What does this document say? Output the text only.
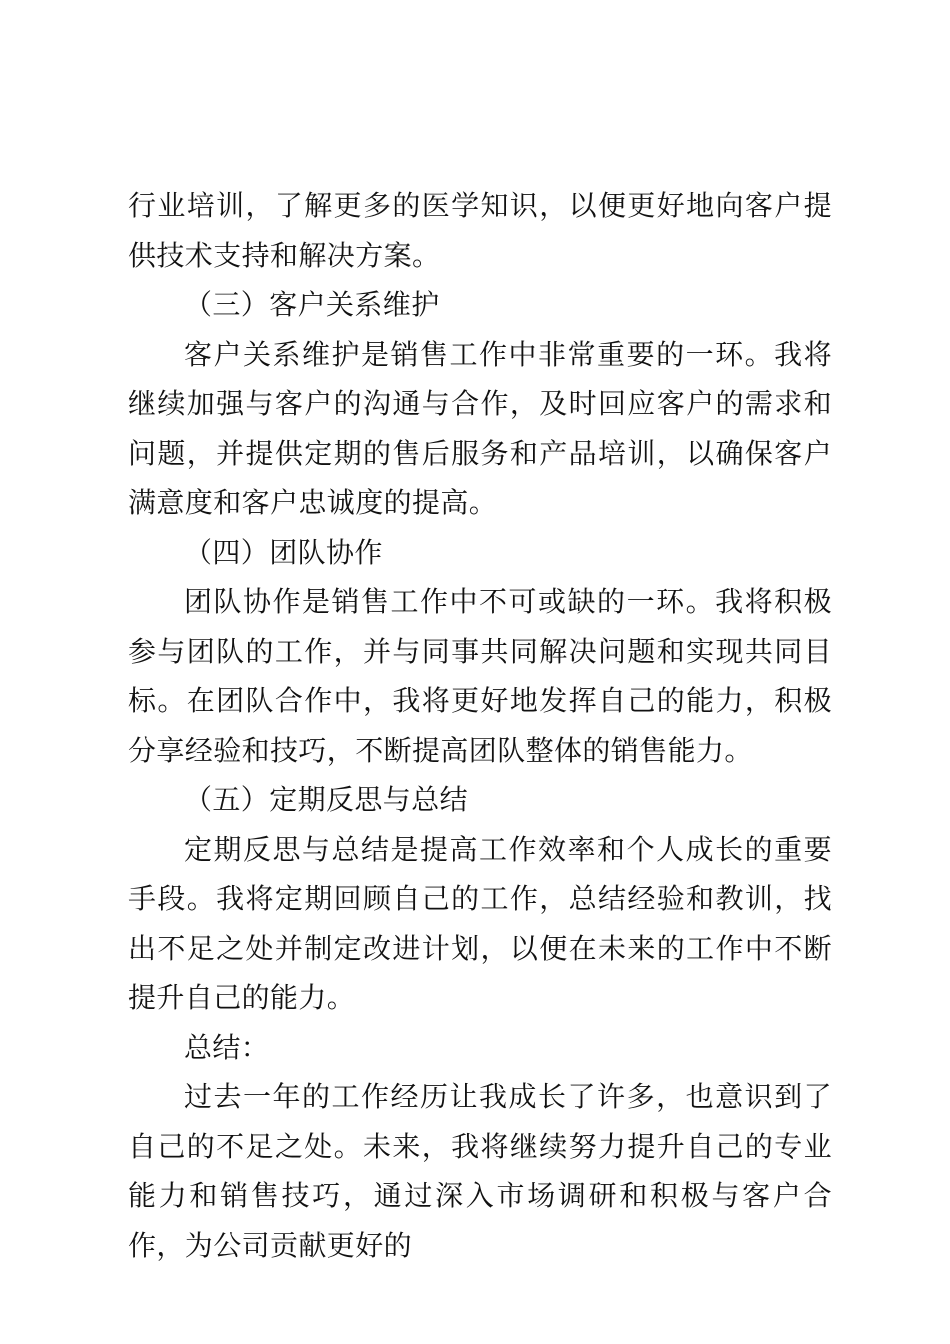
行业培训，了解更多的医学知识，以便更好地向客户提供技术支持和解决方案。

（三）客户关系维护

客户关系维护是销售工作中非常重要的一环。我将继续加强与客户的沟通与合作，及时回应客户的需求和问题，并提供定期的售后服务和产品培训，以确保客户满意度和客户忠诚度的提高。

（四）团队协作

团队协作是销售工作中不可或缺的一环。我将积极参与团队的工作，并与同事共同解决问题和实现共同目标。在团队合作中，我将更好地发挥自己的能力，积极分享经验和技巧，不断提高团队整体的销售能力。

（五）定期反思与总结

定期反思与总结是提高工作效率和个人成长的重要手段。我将定期回顾自己的工作，总结经验和教训，找出不足之处并制定改进计划，以便在未来的工作中不断提升自己的能力。

总结：

过去一年的工作经历让我成长了许多，也意识到了自己的不足之处。未来，我将继续努力提升自己的专业能力和销售技巧，通过深入市场调研和积极与客户合作，为公司贡献更好的
